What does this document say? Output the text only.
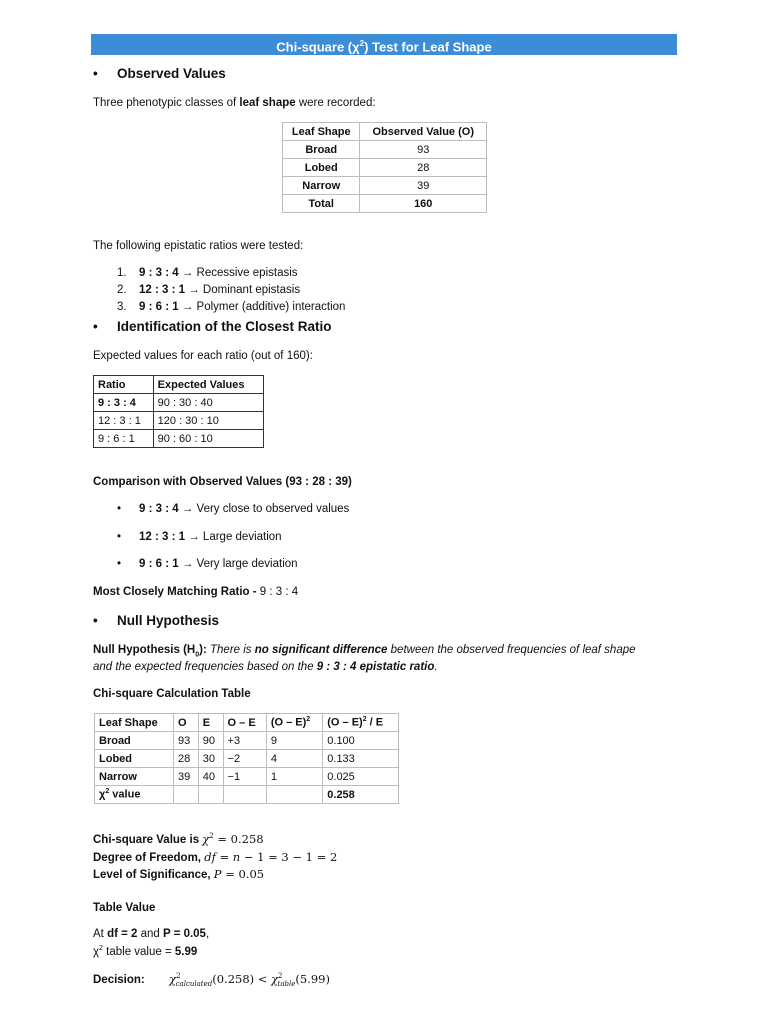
Chi-square $(\chi^2)$ Test for Leaf Shape
• Observed Values
Three phenotypic classes of leaf shape were recorded:
Leaf Shape	Observed Value (O)
Broad	93
Lobed	28
Narrow	39
Total	160
The following epistatic ratios were tested:
1. 9 : 3 : 4 → Recessive epistasis
2. 12 : 3 : 1 → Dominant epistasis
3. 9 : 6 : 1 → Polymer (additive) interaction
• Identification of the Closest Ratio
Expected values for each ratio (out of 160):
Ratio	Expected Values
9 : 3 : 4	90 : 30 : 40
12 : 3 : 1	120 : 30 : 10
9 : 6 : 1	90 : 60 : 10
Comparison with Observed Values (93 : 28 : 39)
• 9 : 3 : 4 → Very close to observed values
• 12 : 3 : 1 → Large deviation
• 9 : 6 : 1 → Very large deviation
Most Closely Matching Ratio - 9 : 3 : 4
• Null Hypothesis
Null Hypothesis $(H_0)$: There is no significant difference between the observed frequencies of leaf shape
and the expected frequencies based on the 9 : 3 : 4 epistatic ratio.
Chi-square Calculation Table
Leaf Shape	O	E	O – E	(O – E)$^2$	(O – E)$^2$ / E
Broad	93	90	+3	9	0.100
Lobed	28	30	−2	4	0.133
Narrow	39	40	−1	1	0.025
$\chi^2$ value					0.258
Chi-square Value is $\chi^2 = 0.258$
Degree of Freedom, df = n − 1 = 3 − 1 = 2
Level of Significance, P = 0.05
Table Value
At df = 2 and P = 0.05,
$\chi^2$ table value = 5.99
Decision: $\chi^2_{calculated}(0.258) < \chi^2_{table}(5.99)$
